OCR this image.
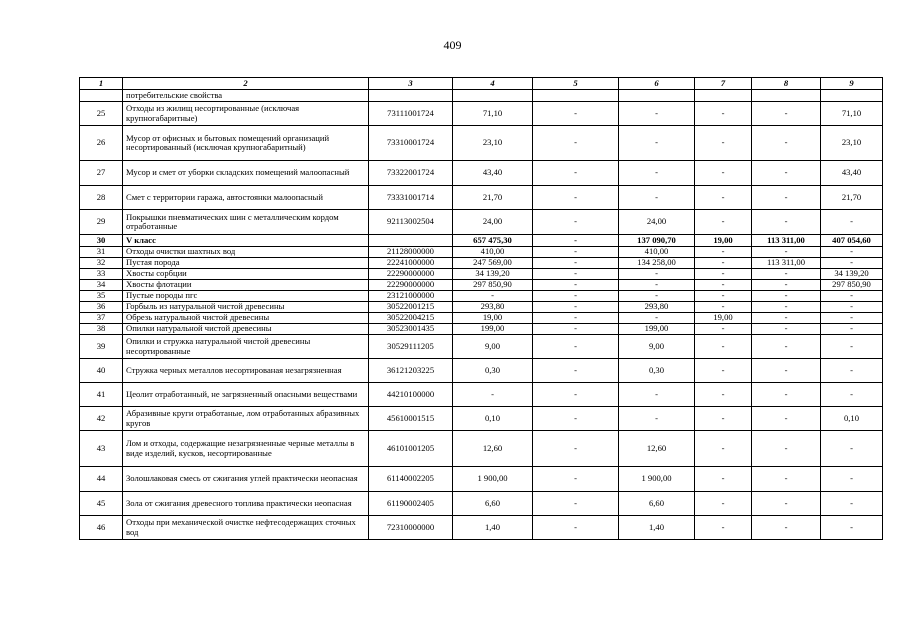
409
1	2	3	4	5	6	7	8	9
	потребительские свойства							
25	Отходы из жилищ несортированные (исключая крупногабаритные)	73111001724	71,10	-	-	-	-	71,10
26	Мусор от офисных и бытовых помещений организаций несортированный (исключая крупногабаритный)	73310001724	23,10	-	-	-	-	23,10
27	Мусор и смет от уборки складских помещений малоопасный	73322001724	43,40	-	-	-	-	43,40
28	Смет с территории гаража, автостоянки малоопасный	73331001714	21,70	-	-	-	-	21,70
29	Покрышки пневматических шин с металлическим кордом отработанные	92113002504	24,00	-	24,00	-	-	-
30	V класс		657 475,30	-	137 090,70	19,00	113 311,00	407 054,60
31	Отходы очистки шахтных вод	21128000000	410,00	-	410,00	-	-	-
32	Пустая порода	22241000000	247 569,00	-	134 258,00	-	113 311,00	-
33	Хвосты сорбции	22290000000	34 139,20	-	-	-	-	34 139,20
34	Хвосты флотации	22290000000	297 850,90	-	-	-	-	297 850,90
35	Пустые породы пгс	23121000000	-	-	-	-	-	-
36	Горбыль из натуральной чистой древесины	30522001215	293,80	-	293,80	-	-	-
37	Обрезь натуральной чистой древесины	30522004215	19,00	-	-	19,00	-	-
38	Опилки натуральной чистой древесины	30523001435	199,00	-	199,00	-	-	-
39	Опилки и стружка натуральной чистой древесины несортированные	30529111205	9,00	-	9,00	-	-	-
40	Стружка черных металлов несортированая незагрязненная	36121203225	0,30	-	0,30	-	-	-
41	Цеолит отработанный, не загрязненный опасными веществами	44210100000	-	-	-	-	-	-
42	Абразивные круги отработаные, лом отработанных абразивных кругов	45610001515	0,10	-	-	-	-	0,10
43	Лом и отходы, содержащие незагрязненные черные металлы в виде изделий, кусков, несортированные	46101001205	12,60	-	12,60	-	-	-
44	Золошлаковая смесь от сжигания углей практически неопасная	61140002205	1 900,00	-	1 900,00	-	-	-
45	Зола от сжигания древесного топлива практически неопасная	61190002405	6,60	-	6,60	-	-	-
46	Отходы при механической очистке нефтесодержащих сточных вод	72310000000	1,40	-	1,40	-	-	-
